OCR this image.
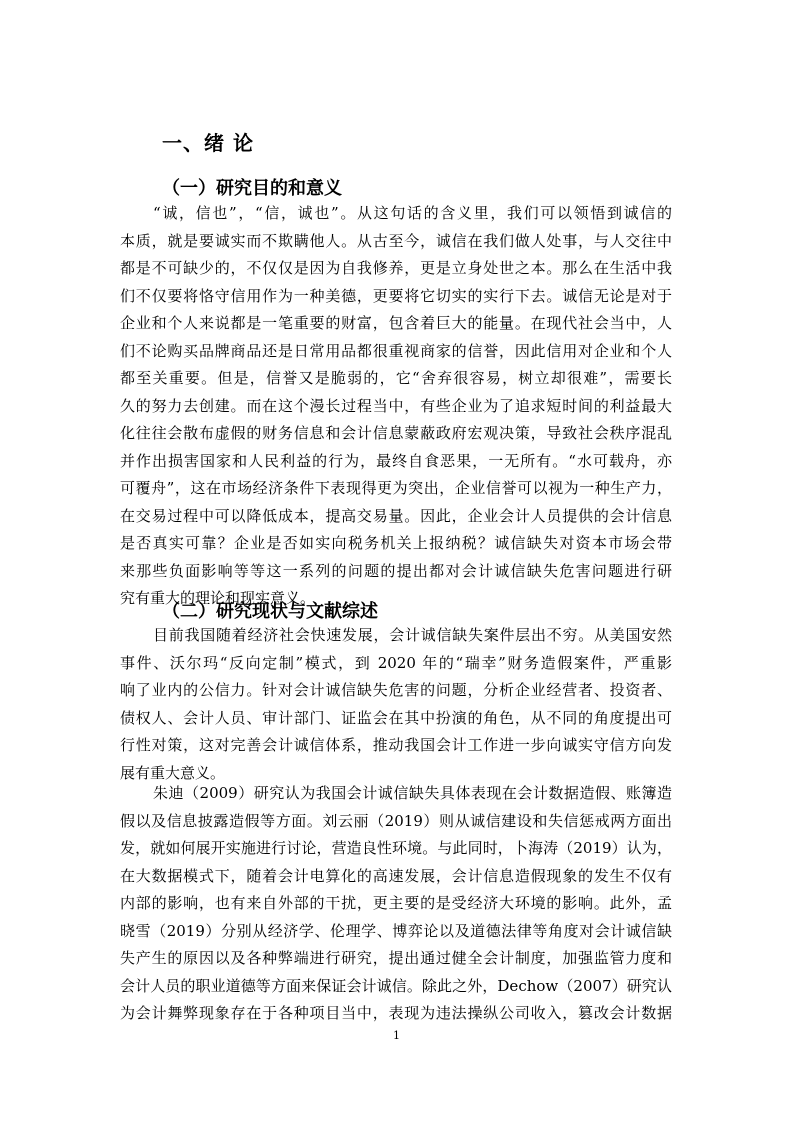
一、绪 论
（一）研究目的和意义
“诚，信也”，“信，诚也”。从这句话的含义里，我们可以领悟到诚信的
本质，就是要诚实而不欺瞒他人。从古至今，诚信在我们做人处事，与人交往中
都是不可缺少的，不仅仅是因为自我修养，更是立身处世之本。那么在生活中我
们不仅要将恪守信用作为一种美德，更要将它切实的实行下去。诚信无论是对于
企业和个人来说都是一笔重要的财富，包含着巨大的能量。在现代社会当中，人
们不论购买品牌商品还是日常用品都很重视商家的信誉，因此信用对企业和个人
都至关重要。但是，信誉又是脆弱的，它“舍弃很容易，树立却很难”，需要长
久的努力去创建。而在这个漫长过程当中，有些企业为了追求短时间的利益最大
化往往会散布虚假的财务信息和会计信息蒙蔽政府宏观决策，导致社会秩序混乱
并作出损害国家和人民利益的行为，最终自食恶果，一无所有。“水可载舟，亦
可覆舟”，这在市场经济条件下表现得更为突出，企业信誉可以视为一种生产力，
在交易过程中可以降低成本，提高交易量。因此，企业会计人员提供的会计信息
是否真实可靠？企业是否如实向税务机关上报纳税？诚信缺失对资本市场会带
来那些负面影响等等这一系列的问题的提出都对会计诚信缺失危害问题进行研
究有重大的理论和现实意义。
（二）研究现状与文献综述
目前我国随着经济社会快速发展，会计诚信缺失案件层出不穷。从美国安然
事件、沃尔玛“反向定制”模式，到 2020 年的“瑞幸”财务造假案件，严重影
响了业内的公信力。针对会计诚信缺失危害的问题，分析企业经营者、投资者、
债权人、会计人员、审计部门、证监会在其中扮演的角色，从不同的角度提出可
行性对策，这对完善会计诚信体系，推动我国会计工作进一步向诚实守信方向发
展有重大意义。
朱迪（2009）研究认为我国会计诚信缺失具体表现在会计数据造假、账簿造
假以及信息披露造假等方面。刘云丽（2019）则从诚信建设和失信惩戒两方面出
发，就如何展开实施进行讨论，营造良性环境。与此同时，卜海涛（2019）认为，
在大数据模式下，随着会计电算化的高速发展，会计信息造假现象的发生不仅有
内部的影响，也有来自外部的干扰，更主要的是受经济大环境的影响。此外，孟
晓雪（2019）分别从经济学、伦理学、博弈论以及道德法律等角度对会计诚信缺
失产生的原因以及各种弊端进行研究，提出通过健全会计制度，加强监管力度和
会计人员的职业道德等方面来保证会计诚信。除此之外，Dechow（2007）研究认
为会计舞弊现象存在于各种项目当中，表现为违法操纵公司收入，篡改会计数据
1
